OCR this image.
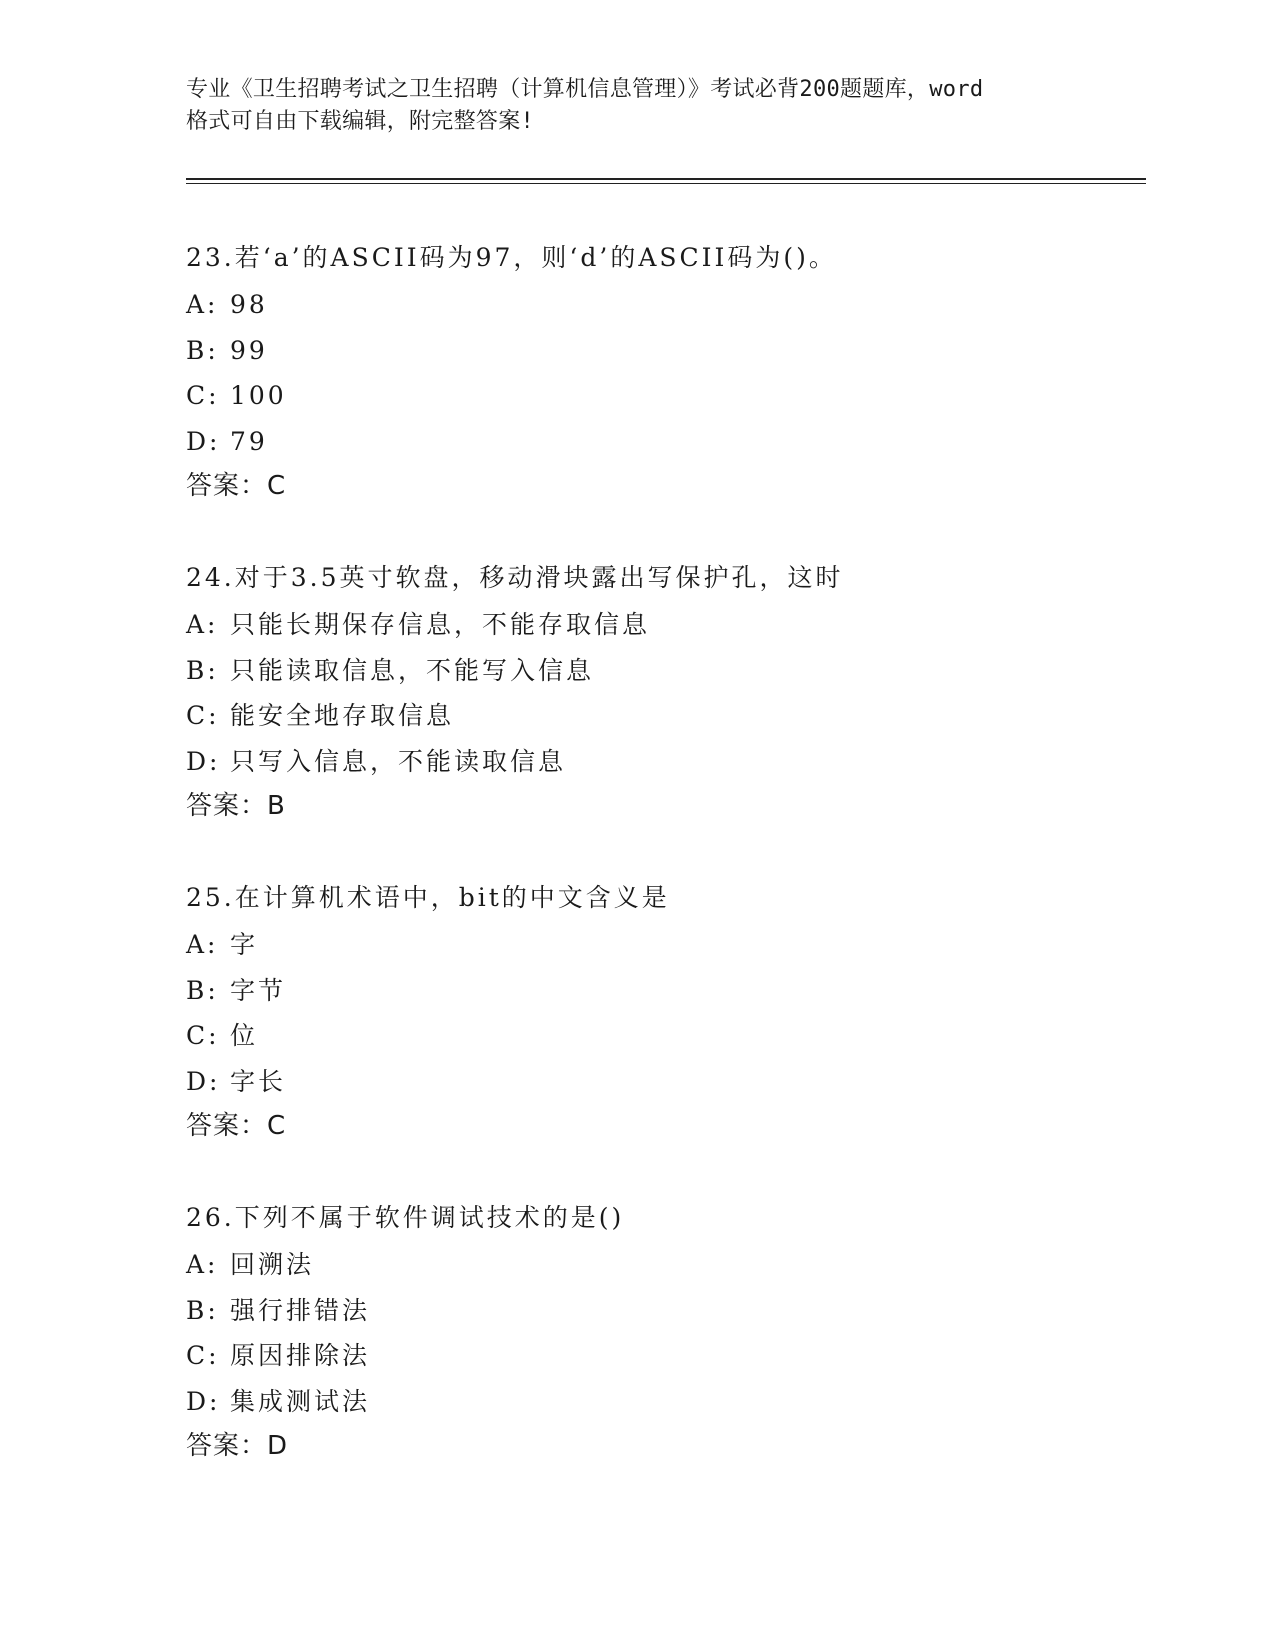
专业《卫生招聘考试之卫生招聘（计算机信息管理）》考试必背200题题库，word
格式可自由下载编辑，附完整答案!
23.若‘a’的ASCII码为97，则‘d’的ASCII码为()。
A: 98
B: 99
C: 100
D: 79
答案：C
24.对于3.5英寸软盘，移动滑块露出写保护孔，这时
A: 只能长期保存信息，不能存取信息
B: 只能读取信息，不能写入信息
C: 能安全地存取信息
D: 只写入信息，不能读取信息
答案：B
25.在计算机术语中，bit的中文含义是
A: 字
B: 字节
C: 位
D: 字长
答案：C
26.下列不属于软件调试技术的是()
A: 回溯法
B: 强行排错法
C: 原因排除法
D: 集成测试法
答案：D
